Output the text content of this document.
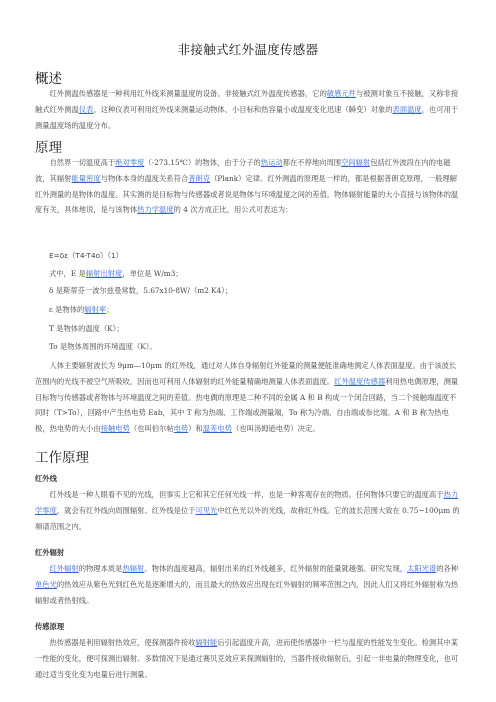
非接触式红外温度传感器
概述
红外测温传感器是一种利用红外线来测量温度的设备。非接触式红外温度传感器，它的敏感元件与被测对象互不接触，又称非接触式红外测温仪表。这种仪表可利用红外线来测量运动物体、小目标和热容量小或温度变化迅速（瞬变）对象的表面温度，也可用于测量温度场的温度分布。
原理
自然界一切温度高于绝对零度（-273.15℃）的物体，由于分子的热运动都在不停地向周围空间辐射包括红外波段在内的电磁波，其辐射能量密度与物体本身的温度关系符合普朗克（Plank）定律。红外测温的原理是一样的，都是根据普朗克原理，一般理解红外测量的是物体的温度。其实测的是目标物与传感器或者说是物体与环境温度之间的差值。物体辐射能量的大小直接与该物体的温度有关，具体地说，是与该物体热力学温度的 4 次方成正比，用公式可表达为：
E=δε（T4-T4o）（1）
式中，E 是辐射出射度，单位是 W/m3；
δ 是斯蒂芬一波尔兹曼常数，5.67x10-8W/（m2 K4）；
ε 是物体的辐射率；
T 是物体的温度（K）；
To 是物体周围的环境温度（K）。
人体主要辐射波长为 9μm—10μm 的红外线，通过对人体自身辐射红外能量的测量便能准确地测定人体表面温度。由于该波长范围内的光线不被空气所吸收，因而也可利用人体辐射的红外能量精确地测量人体表面温度。红外温度传感器利用热电偶原理，测量目标物与传感器或者物体与环境温度之间的差值。热电偶的原理是二种不同的金属 A 和 B 构成一个闭合回路，当二个接触端温度不同时（T>To），回路中产生热电势 Eab，其中 T 称为热端、工作端或测量端，To 称为冷端、自由端或参比端。A 和 B 称为热电极，热电势的大小由接触电势（也叫伯尔帖电势）和温差电势（也叫汤姆逊电势）决定。
工作原理
红外线
红外线是一种人眼看不见的光线，但事实上它和其它任何光线一样，也是一种客观存在的物质。任何物体只要它的温度高于热力学零度，就会有红外线向周围辐射。红外线是位于可见光中红色光以外的光线，故称红外线。它的波长范围大致在 0.75~100μm 的频谱范围之内。
红外辐射
红外辐射的物理本质是热辐射。物体的温度越高，辐射出来的红外线越多，红外辐射的能量就越强。研究发现，太阳光谱的各种单色光的热效应从紫色光到红色光是逐渐增大的，而且最大的热效应出现在红外辐射的频率范围之内，因此人们又将红外辐射称为热辐射或者热射线。
传感原理
热传感器是利用辐射热效应，使探测器件接收辐射能后引起温度升高，进而使传感器中一栏与温度的性能发生变化。检测其中某一性能的变化，便可探测出辐射。多数情况下是通过赛贝克效应来探测辐射的，当器件接收辐射后，引起一非电量的物理变化，也可通过适当变化变为电量后进行测量。
